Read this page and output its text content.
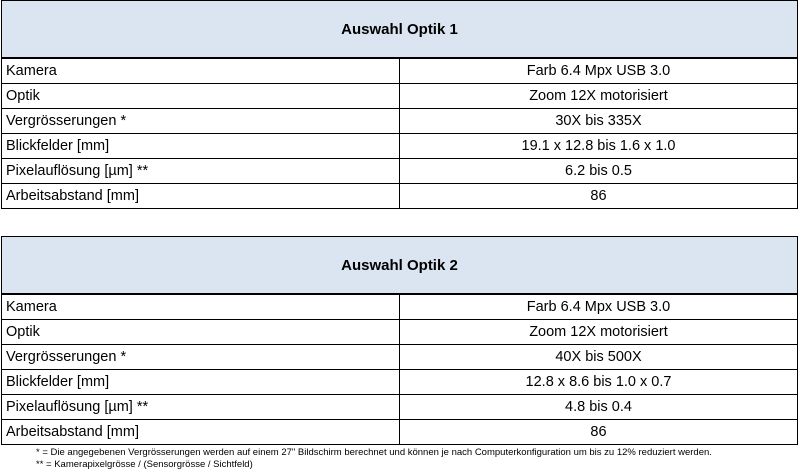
Auswahl Optik 1	
Kamera	Farb 6.4 Mpx USB 3.0
Optik	Zoom 12X motorisiert
Vergrösserungen *	30X bis 335X
Blickfelder [mm]	19.1 x 12.8 bis 1.6 x 1.0
Pixelauflösung [µm] **	6.2 bis 0.5
Arbeitsabstand [mm]	86
Auswahl Optik 2	
Kamera	Farb 6.4 Mpx USB 3.0
Optik	Zoom 12X motorisiert
Vergrösserungen *	40X bis 500X
Blickfelder [mm]	12.8 x 8.6 bis 1.0 x 0.7
Pixelauflösung [µm] **	4.8 bis 0.4
Arbeitsabstand [mm]	86
* = Die angegebenen Vergrösserungen werden auf einem 27" Bildschirm berechnet und können je nach Computerkonfiguration um bis zu 12% reduziert werden.
** = Kamerapixelgrösse / (Sensorgrösse / Sichtfeld)
